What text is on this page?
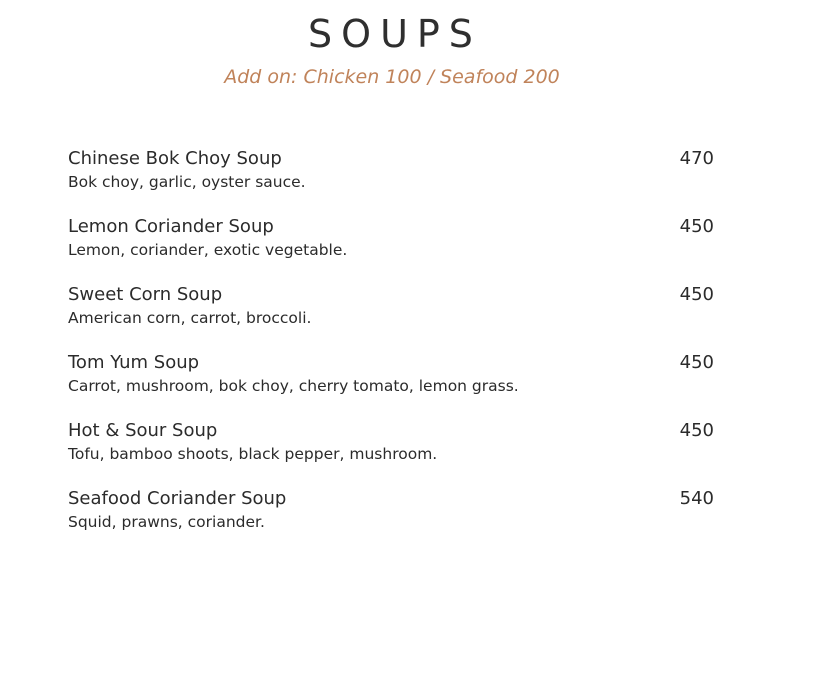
SOUPS
Add on: Chicken 100 / Seafood 200
Chinese Bok Choy Soup	470
Bok choy, garlic, oyster sauce.
Lemon Coriander Soup	450
Lemon, coriander, exotic vegetable.
Sweet Corn Soup	450
American corn, carrot, broccoli.
Tom Yum Soup	450
Carrot, mushroom, bok choy, cherry tomato, lemon grass.
Hot & Sour Soup	450
Tofu, bamboo shoots, black pepper, mushroom.
Seafood Coriander Soup	540
Squid, prawns, coriander.
